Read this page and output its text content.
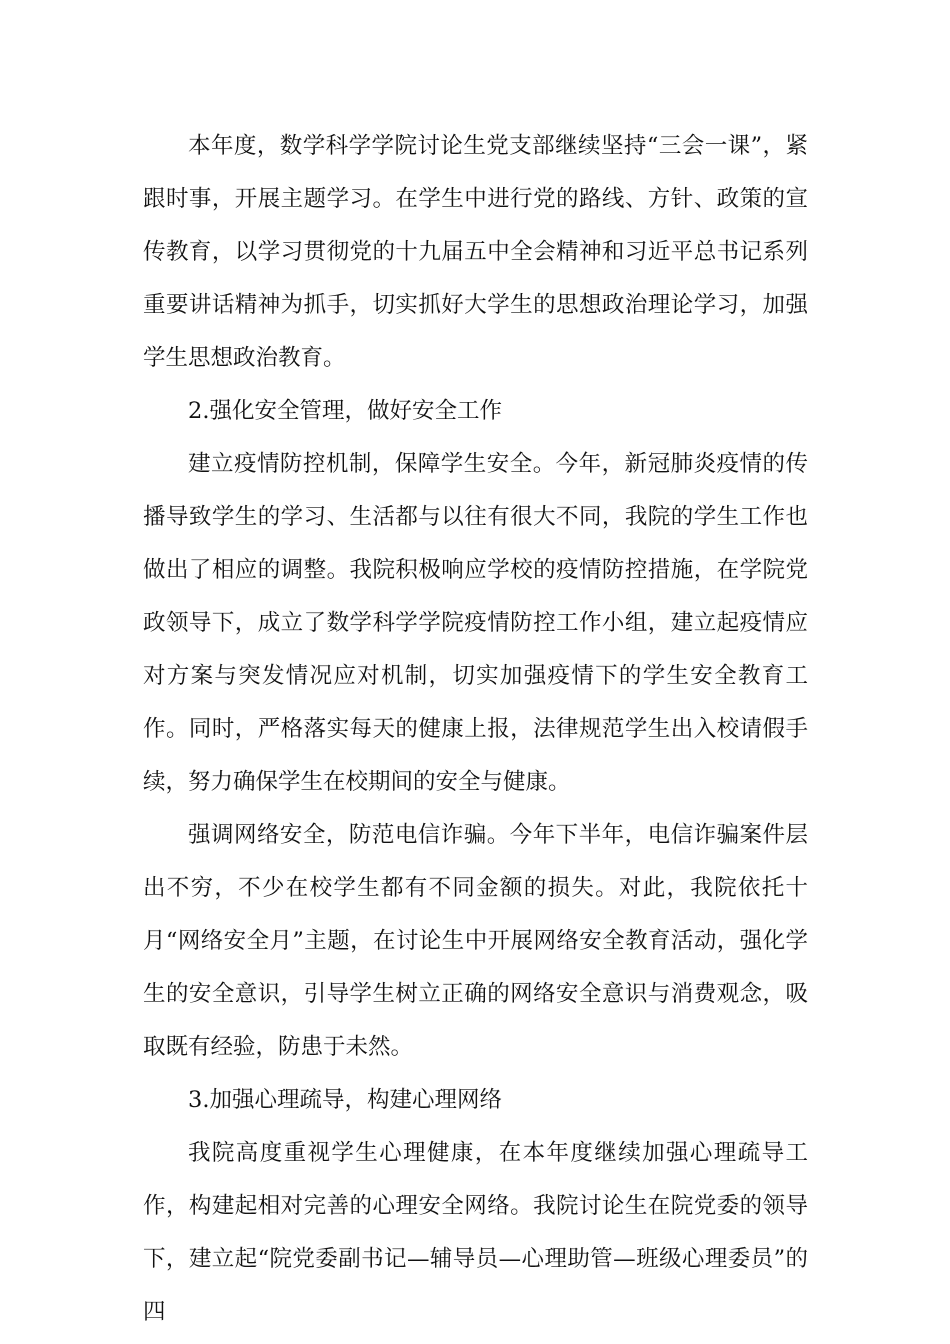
本年度，数学科学学院讨论生党支部继续坚持“三会一课”，紧跟时事，开展主题学习。在学生中进行党的路线、方针、政策的宣传教育，以学习贯彻党的十九届五中全会精神和习近平总书记系列重要讲话精神为抓手，切实抓好大学生的思想政治理论学习，加强学生思想政治教育。

2.强化安全管理，做好安全工作

建立疫情防控机制，保障学生安全。今年，新冠肺炎疫情的传播导致学生的学习、生活都与以往有很大不同，我院的学生工作也做出了相应的调整。我院积极响应学校的疫情防控措施，在学院党政领导下，成立了数学科学学院疫情防控工作小组，建立起疫情应对方案与突发情况应对机制，切实加强疫情下的学生安全教育工作。同时，严格落实每天的健康上报，法律规范学生出入校请假手续，努力确保学生在校期间的安全与健康。

强调网络安全，防范电信诈骗。今年下半年，电信诈骗案件层出不穷，不少在校学生都有不同金额的损失。对此，我院依托十月“网络安全月”主题，在讨论生中开展网络安全教育活动，强化学生的安全意识，引导学生树立正确的网络安全意识与消费观念，吸取既有经验，防患于未然。

3.加强心理疏导，构建心理网络

我院高度重视学生心理健康，在本年度继续加强心理疏导工作，构建起相对完善的心理安全网络。我院讨论生在院党委的领导下，建立起“院党委副书记—辅导员—心理助管—班级心理委员”的四
